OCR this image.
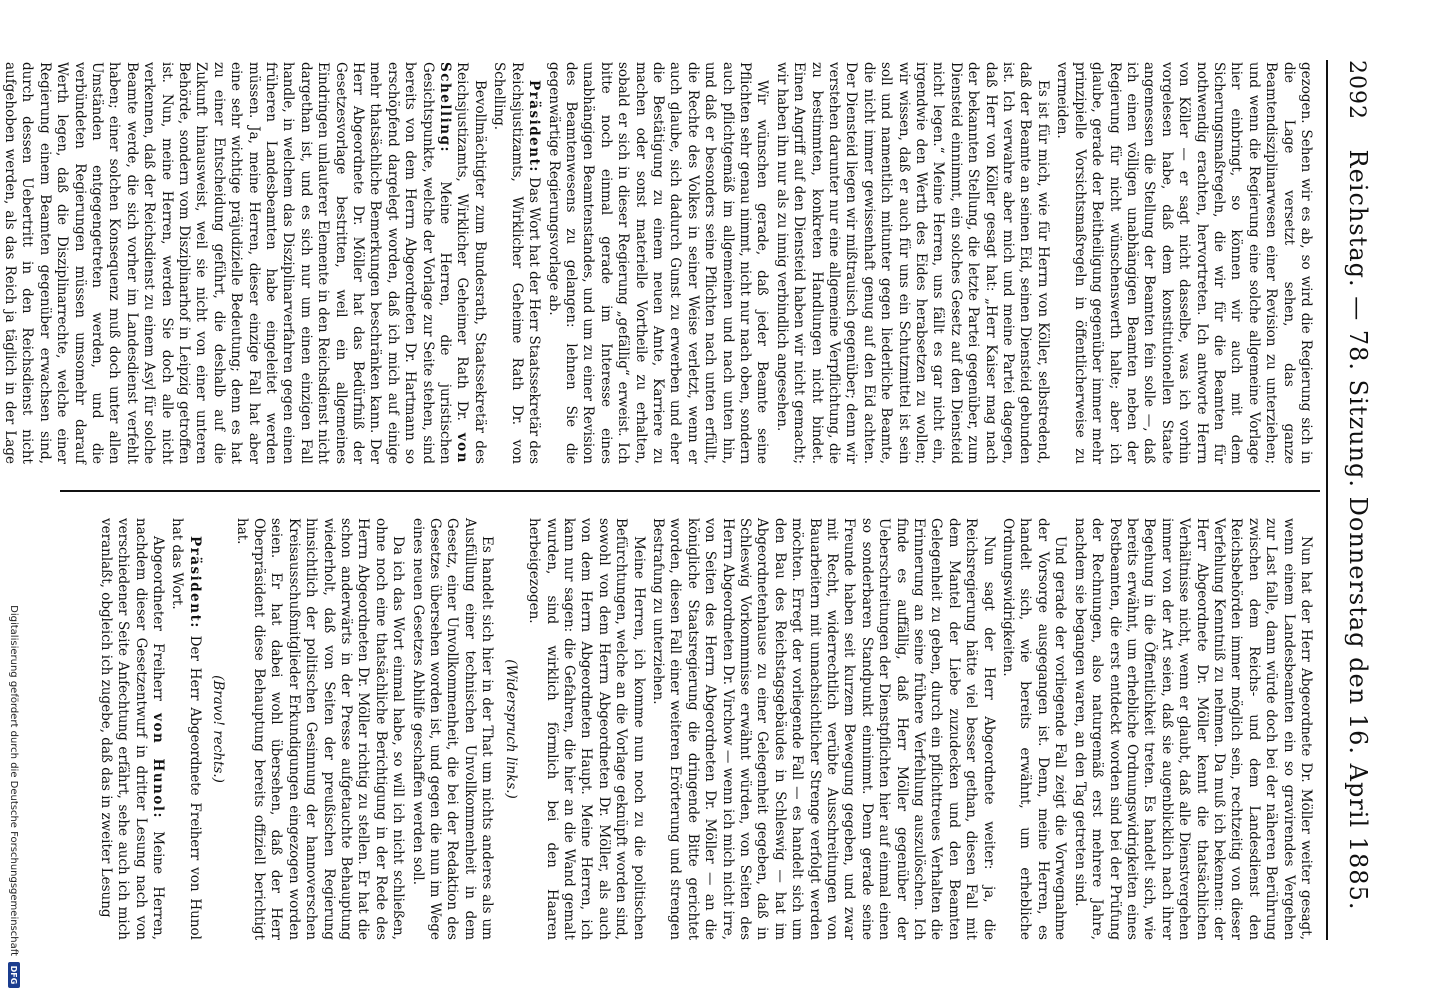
2092
Reichstag. — 78. Sitzung. Donnerstag den 16. April 1885.

gezogen. Sehen wir es ab, so wird die Regierung sich in die Lage versetzt sehen, das ganze Beamtendisziplinarwesen einer Revision zu unterziehen; und wenn die Regierung eine solche allgemeine Vorlage hier einbringt, so können wir auch mit dem Sicherungsmaßregeln, die wir für die Beamten für nothwendig erachten, hervortreten. Ich antworte Herrn von Köller — er sagt nicht dasselbe, was ich vorhin vorgelesen habe, daß dem konstitutionellen Staate angemessen die Stellung der Beamten fein solle —, daß ich einen völligen unabhängigen Beamten neben der Regierung für nicht wünschenswerth halte; aber ich glaube, gerade der Beitheiligung gegenüber immer mehr prinzipielle Vorsichtsmaßregeln in öffentlicherweise zu vermeiden.

Es ist für mich, wie für Herrn von Köller, selbstredend, daß der Beamte an seinen Eid, seinen Diensteid gebunden ist. Ich verwahre aber mich und meine Partei dagegen, daß Herr von Köller gesagt hat: „Herr Kaiser mag nach der bekannten Stellung, die letzte Partei gegenüber, zum Diensteid einnimmt, ein solches Gesetz auf den Diensteid nicht legen.“ Meine Herren, uns fällt es gar nicht ein, irgendwie den Werth des Eides herabsetzen zu wollen; wir wissen, daß er auch für uns ein Schutzmittel ist sein soll und namentlich mitunter gegen liederliche Beamte, die nicht immer gewissenhaft genug auf den Eid achten. Der Diensteid liegen wir mißtrauisch gegenüber; denn wir verstehen darunter nur eine allgemeine Verpflichtung, die zu bestimmten, konkreten Handlungen nicht bindet. Einen Angriff auf den Diensteid haben wir nicht gemacht; wir haben ihn nur als zu innig verbindlich angesehen.

Wir wünschen gerade, daß jeder Beamte seine Pflichten sehr genau nimmt, nicht nur nach oben, sondern auch pflichtgemäß im allgemeinen und nach unten hin, und daß er besonders seine Pflichten nach unten erfüllt, die Rechte des Volkes in seiner Weise verletzt, wenn er auch glaube, sich dadurch Gunst zu erwerben und eher die Bestätigung zu einem neuen Amte, Karriere zu machen oder sonst materielle Vortheile zu erhalten, sobald er sich in dieser Regierung „gefällig“ erweist. Ich bitte noch einmal gerade im Interesse eines unabhängigen Beamtenstandes, und um zu einer Revision des Beamtenwesens zu gelangen: lehnen Sie die gegenwärtige Regierungsvorlage ab.

Präsident: Das Wort hat der Herr Staatssekretär des Reichsjustizamts, Wirklicher Geheime Rath Dr. von Schelling.

Bevollmächtigter zum Bundesrath, Staatssekretär des Reichsjustizamts, Wirklicher Geheimer Rath Dr. von Schelling: Meine Herren, die juristischen Gesichtspunkte, welche der Vorlage zur Seite stehen, sind bereits von dem Herrn Abgeordneten Dr. Hartmann so erschöpfend dargelegt worden, daß ich mich auf einige mehr thatsächliche Bemerkungen beschränken kann. Der Herr Abgeordnete Dr. Möller hat das Bedürfniß der Gesetzesvorlage bestritten, weil ein allgemeines Eindringen unlauterer Elemente in den Reichsdienst nicht dargethan ist, und es sich nur um einen einzigen Fall handle, in welchem das Disziplinarverfahren gegen einen früheren Landesbeamten habe eingeleitet werden müssen. Ja, meine Herren, dieser einzige Fall hat aber eine sehr wichtige präjudizielle Bedeutung; denn es hat zu einer Entscheidung geführt, die deshalb auf die Zukunft hinausweist, weil sie nicht von einer unteren Behörde, sondern vom Disziplinarhof in Leipzig getroffen ist. Nun, meine Herren, werden Sie doch alle nicht verkennen, daß der Reichsdienst zu einem Asyl für solche Beamte werde, die sich vorher im Landesdienst verfehlt haben; einer solchen Konsequenz muß doch unter allen Umständen entgegengetreten werden, und die verbündeten Regierungen müssen umsomehr darauf Werth legen, daß die Disziplinarrechte, welche einer Regierung einem Beamten gegenüber erwachsen sind, durch dessen Uebertritt in den Reichsdienst nicht aufgehoben werden, als das Reich ja täglich in der Lage

Nun hat der Herr Abgeordnete Dr. Möller weiter gesagt, wenn einem Landesbeamten ein so gravirendes Vergehen zur Last falle, dann würde doch bei der näheren Berührung zwischen dem Reichs- und dem Landesdienst den Reichsbehörden immer möglich sein, rechtzeitig von dieser Verfehlung Kenntniß zu nehmen. Da muß ich bekennen: der Herr Abgeordnete Dr. Möller kennt die thatsächlichen Verhältnisse nicht, wenn er glaubt, daß alle Dienstvergehen immer von der Art seien, daß sie augenblicklich nach ihrer Begehung in die Öffentlichkeit treten. Es handelt sich, wie bereits erwähnt, um erhebliche Ordnungswidrigkeiten eines Postbeamten, die erst entdeckt worden sind bei der Prüfung der Rechnungen, also naturgemäß erst mehrere Jahre, nachdem sie begangen waren, an den Tag getreten sind.

Und gerade der vorliegende Fall zeigt die Vorwegnahme der Vorsorge ausgegangen ist. Denn, meine Herren, es handelt sich, wie bereits erwähnt, um erhebliche Ordnungswidrigkeiten.

Nun sagt der Herr Abgeordnete weiter: ja, die Reichsregierung hätte viel besser gethan, diesen Fall mit dem Mantel der Liebe zuzudecken und den Beamten Gelegenheit zu geben, durch ein pflichttreues Verhalten die Erinnerung an seine frühere Verfehlung auszulöschen. Ich finde es auffällig, daß Herr Möller gegenüber der Ueberschreitungen der Dienstpflichten hier auf einmal einen so sonderbaren Standpunkt einnimmt. Denn gerade seine Freunde haben seit kurzem Bewegung gegeben, und zwar mit Recht, widerrechtlich verübte Ausschreitungen von Bauarbeitern mit unnachsichtlicher Strenge verfolgt werden möchten. Erregt der vorliegende Fall — es handelt sich um den Bau des Reichstagsgebäudes in Schleswig — hat im Abgeordnetenhause zu einer Gelegenheit gegeben, daß in Schleswig Vorkommnisse erwähnt würden, von Seiten des Herrn Abgeordneten Dr. Virchow — wenn ich mich nicht irre, von Seiten des Herrn Abgeordneten Dr. Möller — an die königliche Staatsregierung die dringende Bitte gerichtet worden, diesen Fall einer weiteren Erörterung und strengen Bestrafung zu unterziehen.

Meine Herren, ich komme nun noch zu die politischen Befürchtungen, welche an die Vorlage geknüpft worden sind, sowohl von dem Herrn Abgeordneten Dr. Möller, als auch von dem Herrn Abgeordneten Haupt. Meine Herren, ich kann nur sagen: die Gefahren, die hier an die Wand gemalt wurden, sind wirklich förmlich bei den Haaren herbeigezogen.

(Widerspruch links.)

Es handelt sich hier in der That um nichts anderes als um Ausfüllung einer technischen Unvollkommenheit in dem Gesetz, einer Unvollkommenheit, die bei der Redaktion des Gesetzes übersehen worden ist, und gegen die nun im Wege eines neuen Gesetzes Abhilfe geschaffen werden soll.

Da ich das Wort einmal habe, so will ich nicht schließen, ohne noch eine thatsächliche Berichtigung in der Rede des Herrn Abgeordneten Dr. Möller richtig zu stellen. Er hat die schon anderwärts in der Presse aufgetauchte Behauptung wiederholt, daß von Seiten der preußischen Regierung hinsichtlich der politischen Gesinnung der hannoverschen Kreisausschußmitglieder Erkundigungen eingezogen worden seien. Er hat dabei wohl übersehen, daß der Herr Oberpräsident diese Behauptung bereits offiziell berichtigt hat.

(Bravo! rechts.)

Präsident: Der Herr Abgeordnete Freiherr von Hunol hat das Wort.

Abgeordneter Freiherr von Hunol: Meine Herren, nachdem dieser Gesetzentwurf in dritter Lesung nach von verschiedener Seite Anfechtung erfährt, sehe auch ich mich veranlaßt, obgleich ich zugebe, daß das in zweiter Lesung

Digitalisierung gefördert durch die Deutsche Forschungsgemeinschaft
DFG
